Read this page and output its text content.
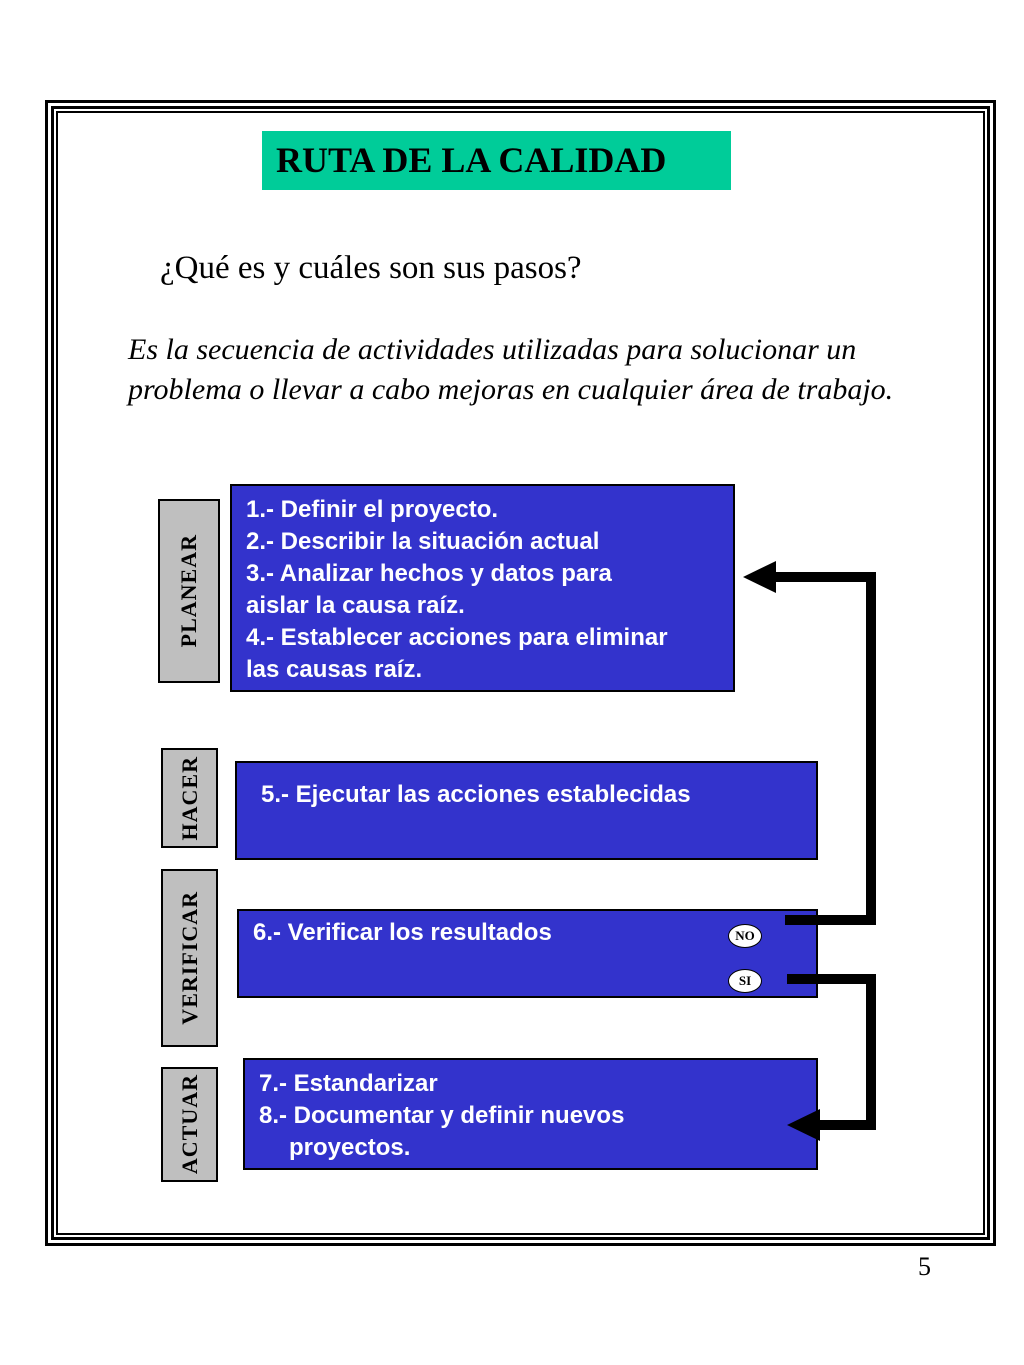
RUTA DE LA CALIDAD
¿Qué es y cuáles son sus pasos?
Es la secuencia de actividades utilizadas para solucionar un problema o llevar a cabo mejoras en cualquier área de trabajo.
PLANEAR
HACER
VERIFICAR
ACTUAR
1.- Definir el proyecto.
2.- Describir la situación actual
3.- Analizar hechos y datos para
aislar la causa raíz.
4.- Establecer acciones para eliminar
las causas raíz.
5.- Ejecutar las acciones establecidas
6.- Verificar los resultados
7.- Estandarizar
8.- Documentar y definir nuevos
proyectos.
NO
SI
5
